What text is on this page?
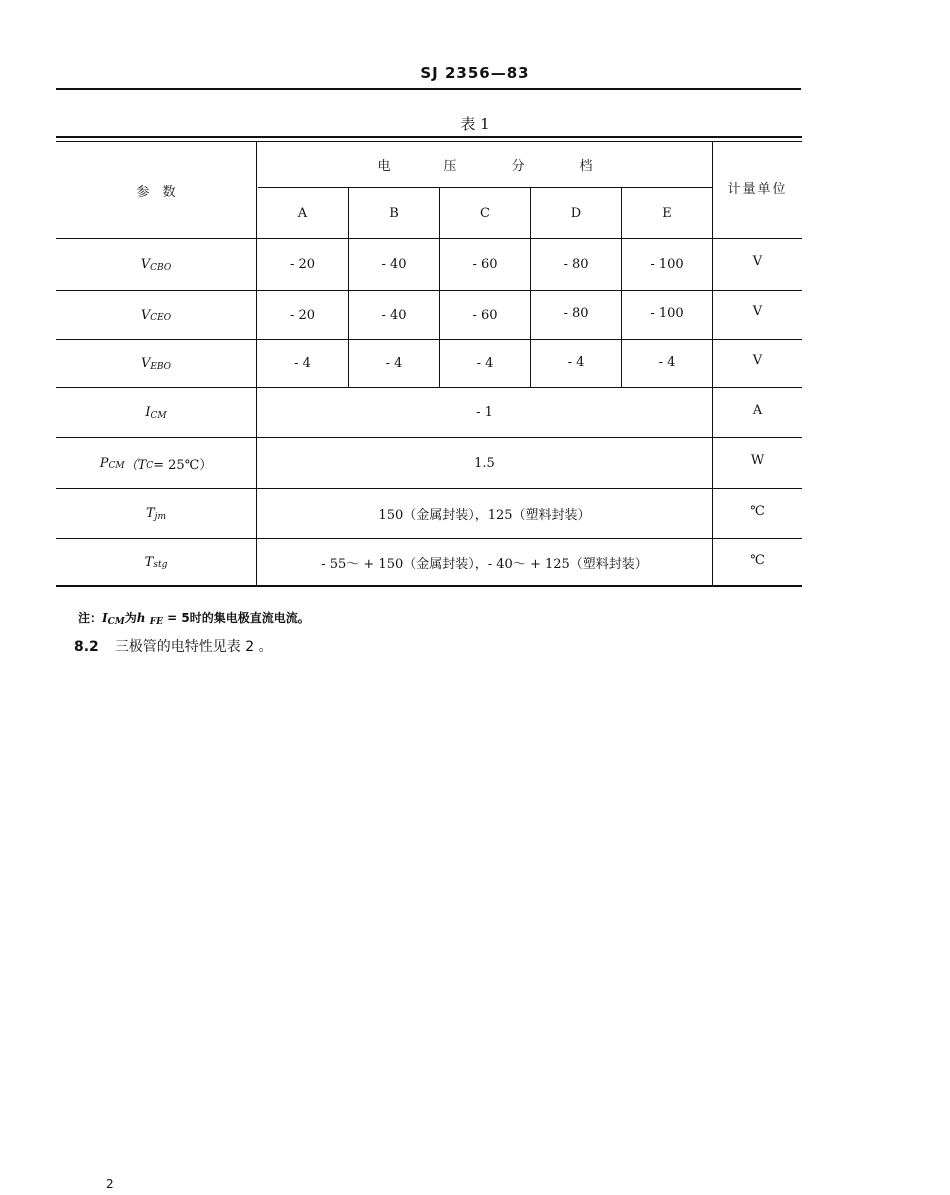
SJ 2356—83
表 1
参　数
电	压	分	档
计量单位
A	B	C	D	E
V CBO	- 20	- 40	- 60	- 80	- 100	V
V CEO	- 20	- 40	- 60	- 80	- 100	V
V EBO	- 4	- 4	- 4	- 4	- 4	V
I CM	- 1	A
P CM （T C = 25℃）	1.5	W
T jm	150（金属封装），125（塑料封装）	℃
T stg	- 55～ + 150（金属封装），- 40～ + 125（塑料封装）	℃
注：ICM为h FE = 5时的集电极直流电流。
8.2 三极管的电特性见表 2 。
2
